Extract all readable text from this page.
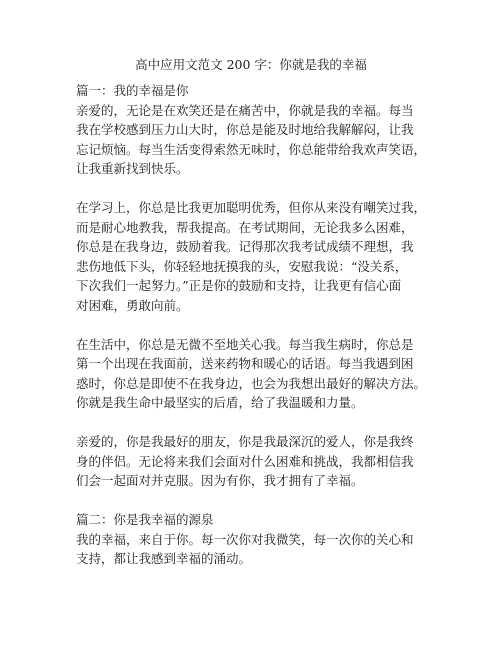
高中应用文范文 200 字：你就是我的幸福
篇一：我的幸福是你
亲爱的，无论是在欢笑还是在痛苦中，你就是我的幸福。每当
我在学校感到压力山大时，你总是能及时地给我解解闷，让我
忘记烦恼。每当生活变得索然无味时，你总能带给我欢声笑语，
让我重新找到快乐。
在学习上，你总是比我更加聪明优秀，但你从来没有嘲笑过我，
而是耐心地教我，帮我提高。在考试期间，无论我多么困难，
你总是在我身边，鼓励着我。记得那次我考试成绩不理想，我
悲伤地低下头，你轻轻地抚摸我的头，安慰我说：“没关系，
下次我们一起努力。”正是你的鼓励和支持，让我更有信心面
对困难，勇敢向前。
在生活中，你总是无微不至地关心我。每当我生病时，你总是
第一个出现在我面前，送来药物和暖心的话语。每当我遇到困
惑时，你总是即使不在我身边，也会为我想出最好的解决方法。
你就是我生命中最坚实的后盾，给了我温暖和力量。
亲爱的，你是我最好的朋友，你是我最深沉的爱人，你是我终
身的伴侣。无论将来我们会面对什么困难和挑战，我都相信我
们会一起面对并克服。因为有你，我才拥有了幸福。
篇二：你是我幸福的源泉
我的幸福，来自于你。每一次你对我微笑，每一次你的关心和
支持，都让我感到幸福的涌动。
